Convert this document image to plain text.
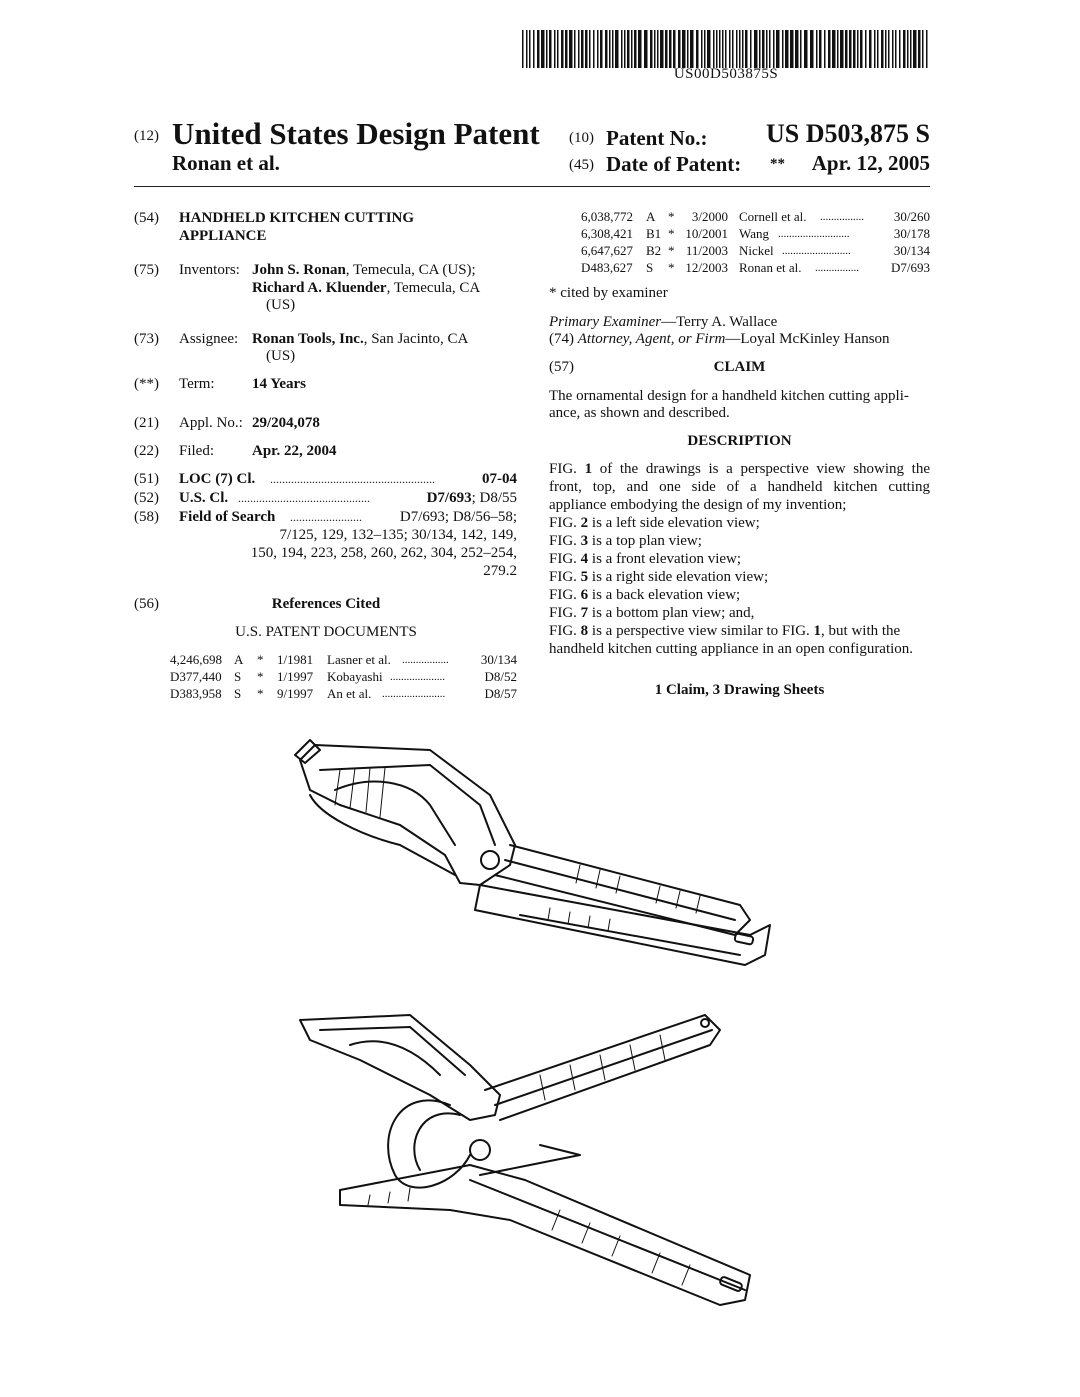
US00D503875S
(12) United States Design Patent
Ronan et al.
(10) Patent No.:	US D503,875 S
(45) Date of Patent: **	Apr. 12, 2005
(54) HANDHELD KITCHEN CUTTING
APPLIANCE
(75) Inventors: John S. Ronan, Temecula, CA (US);
Richard A. Kluender, Temecula, CA
(US)
(73) Assignee: Ronan Tools, Inc., San Jacinto, CA
(US)
(**) Term: 14 Years
(21) Appl. No.: 29/204,078
(22) Filed:	Apr. 22, 2004
(51) LOC (7) Cl. .......................................................	07-04
(52) U.S. Cl. ............................................	D7/693; D8/55
(58) Field of Search ........................	D7/693; D8/56–58;
7/125, 129, 132–135; 30/134, 142, 149,
150, 194, 223, 258, 260, 262, 304, 252–254,
279.2
(56)	References Cited
U.S. PATENT DOCUMENTS
4,246,698 A * 1/1981 Lasner et al. .................	30/134
D377,440 S * 1/1997 Kobayashi ....................	D8/52
D383,958 S * 9/1997 An et al. .......................	D8/57
6,038,772 A *	3/2000 Cornell et al. ................	30/260
6,308,421 B1 * 10/2001 Wang ..........................	30/178
6,647,627 B2 * 11/2003 Nickel .........................	30/134
D483,627 S * 12/2003 Ronan et al. ................	D7/693
* cited by examiner
Primary Examiner—Terry A. Wallace
(74) Attorney, Agent, or Firm—Loyal McKinley Hanson
(57)	CLAIM
The ornamental design for a handheld kitchen cutting appli-
ance, as shown and described.
DESCRIPTION
FIG. 1 of the drawings is a perspective view showing the
front, top, and one side of a handheld kitchen cutting
appliance embodying the design of my invention;
FIG. 2 is a left side elevation view;
FIG. 3 is a top plan view;
FIG. 4 is a front elevation view;
FIG. 5 is a right side elevation view;
FIG. 6 is a back elevation view;
FIG. 7 is a bottom plan view; and,
FIG. 8 is a perspective view similar to FIG. 1, but with the
handheld kitchen cutting appliance in an open configuration.
1 Claim, 3 Drawing Sheets
